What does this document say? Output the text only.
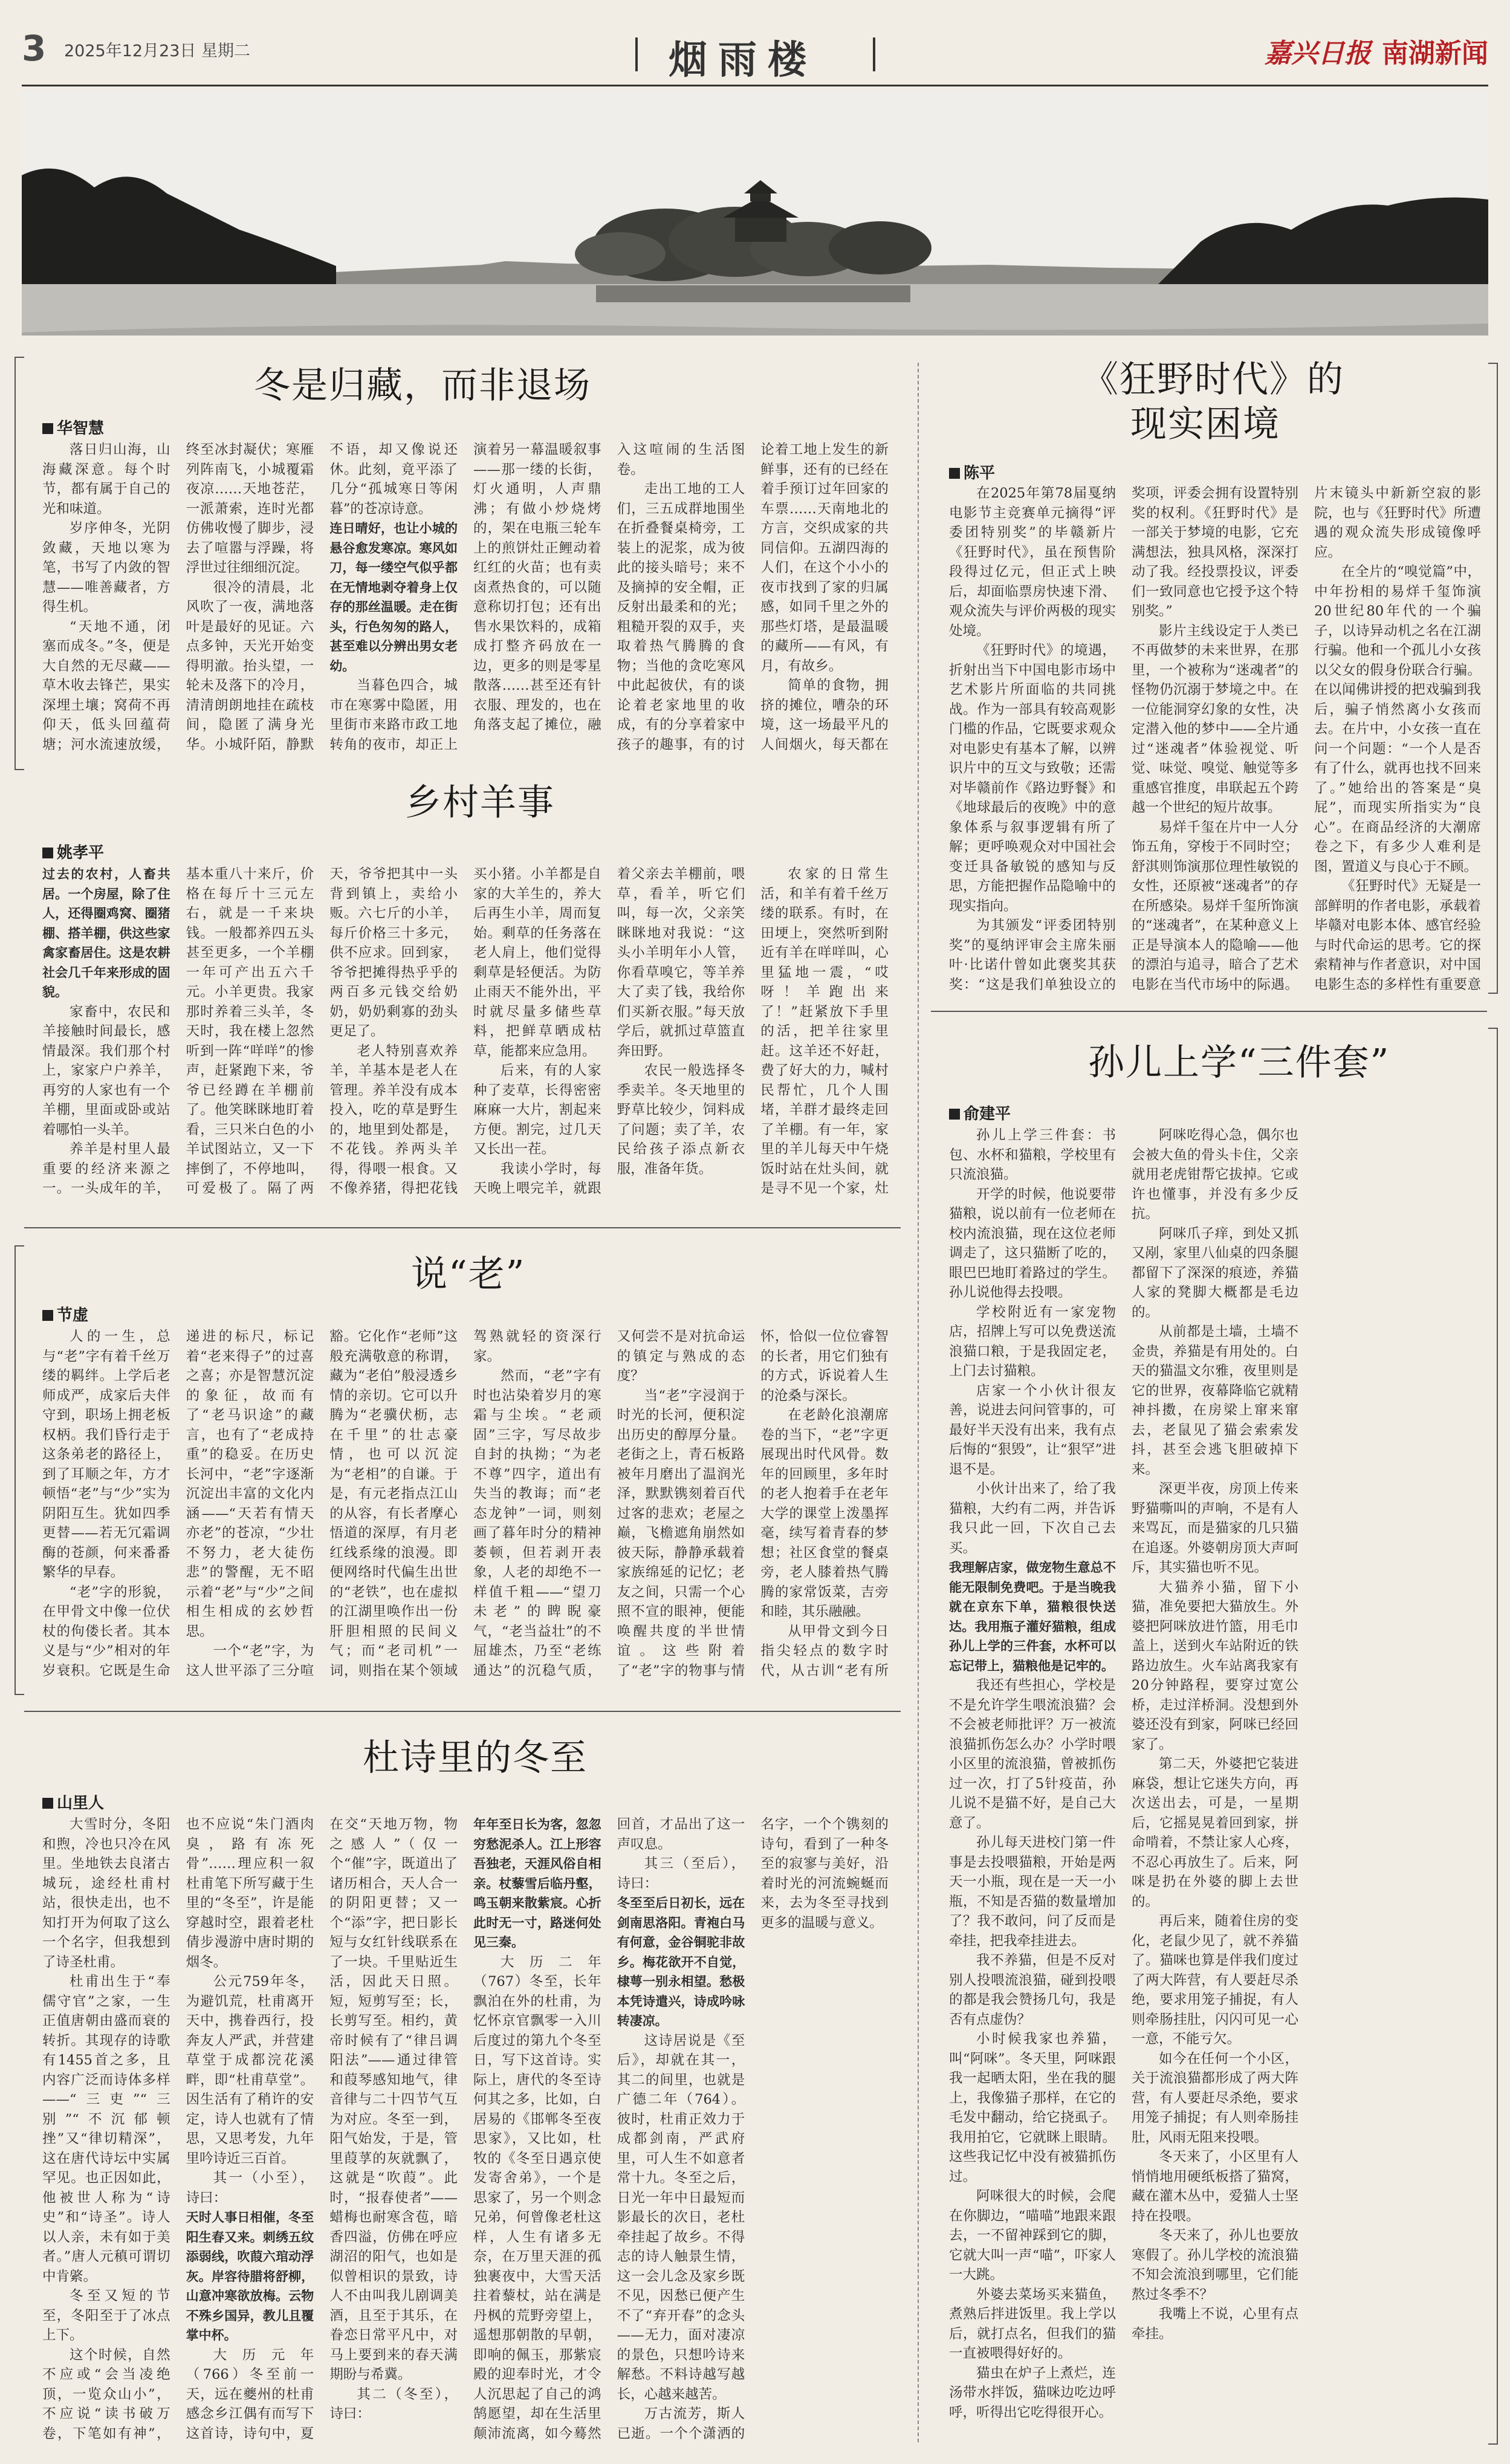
3 2025年12月23日 星期二	烟雨楼	嘉兴日报 南湖新闻
冬是归藏，而非退场
华智慧

落日归山海，山海藏深意。每个时节，都有属于自己的光和味道。

岁序伸冬，光阴敛藏，天地以寒为笔，书写了内敛的智慧——唯善藏者，方得生机。

“天地不通，闭塞而成冬。”冬，便是大自然的无尽藏——草木收去锋芒，果实深埋土壤；窝荷不再仰天，低头回蕴荷塘；河水流速放缓，终至冰封凝伏；寒雁列阵南飞，小城覆霜夜凉……天地苍茫，一派萧索，连时光都仿佛收慢了脚步，浸去了喧嚣与浮躁，将浮世过往细细沉淀。

很冷的清晨，北风吹了一夜，满地落叶是最好的见证。六点多钟，天光开始变得明澈。抬头望，一轮未及落下的冷月，清清朗朗地挂在疏枝间，隐匿了满身光华。小城阡陌，静默不语，却又像说还休。此刻，竟平添了几分“孤城寒日等闲暮”的苍凉诗意。

连日晴好，也让小城的悬谷愈发寒凉。寒风如刀，每一缕空气似乎都在无情地剥夺着身上仅存的那丝温暖。走在街头，行色匆匆的路人，甚至难以分辨出男女老幼。

当暮色四合，城市在寒雾中隐匿，用里街市来路市政工地转角的夜市，却正上演着另一幕温暖叙事——那一缕的长街，灯火通明，人声鼎沸；有做小炒烧烤的，架在电瓶三轮车上的煎饼灶正鲤动着红红的火苗；也有卖卤煮热食的，可以随意称切打包；还有出售水果饮料的，成箱成打整齐码放在一边，更多的则是零星散落……甚至还有针衣服、理发的，也在角落支起了摊位，融入这喧闹的生活图卷。

走出工地的工人们，三五成群地围坐在折叠餐桌椅旁，工装上的泥浆，成为彼此的接头暗号；来不及摘掉的安全帽，正反射出最柔和的光；粗糙开裂的双手，夹取着热气腾腾的食物；当他的贪吃寒风中此起彼伏，有的谈论着老家地里的收成，有的分享着家中孩子的趣事，有的讨论着工地上发生的新鲜事，还有的已经在着手预订过年回家的车票……天南地北的方言，交织成家的共同信仰。五湖四海的人们，在这个小小的夜市找到了家的归属感，如同千里之外的那些灯塔，是最温暖的藏所——有风，有月，有故乡。

简单的食物，拥挤的摊位，嘈杂的环境，这一场最平凡的人间烟火，每天都在

乡村羊事
姚孝平

过去的农村，人畜共居。一个房屋，除了住人，还得圈鸡窝、圈猪棚、搭羊棚，供这些家禽家畜居住。这是农耕社会几千年来形成的固貌。

家畜中，农民和羊接触时间最长，感情最深。我们那个村上，家家户户养羊，再穷的人家也有一个羊棚，里面或卧或站着哪怕一头羊。

养羊是村里人最重要的经济来源之一。一头成年的羊，基本重八十来斤，价格在每斤十三元左右，就是一千来块钱。一般都养四五头甚至更多，一个羊棚一年可产出五六千元。小羊更贵。我家那时养着三头羊，冬天时，我在楼上忽然听到一阵“咩咩”的惨声，赶紧跑下来，爷爷已经蹲在羊棚前了。他笑眯眯地盯着看，三只米白色的小羊试图站立，又一下摔倒了，不停地叫，可爱极了。隔了两天，爷爷把其中一头背到镇上，卖给小贩。六七斤的小羊，每斤价格三十多元，供不应求。回到家，爷爷把摊得热乎乎的两百多元钱交给奶奶，奶奶剩寡的劲头更足了。

老人特别喜欢养羊，羊基本是老人在管理。养羊没有成本投入，吃的草是野生的，地里到处都是，不花钱。养两头羊得，得喂一根食。又不像养猪，得把花钱买小猪。小羊都是自家的大羊生的，养大后再生小羊，周而复始。剩草的任务落在老人肩上，他们觉得剩草是轻便活。为防止雨天不能外出，平时就尽量多储些草料，把鲜草晒成枯草，能都来应急用。

后来，有的人家种了麦草，长得密密麻麻一大片，割起来方便。割完，过几天又长出一茬。

我读小学时，每天晚上喂完羊，就跟着父亲去羊棚前，喂草，看羊，听它们叫，每一次，父亲笑眯眯地对我说：“这头小羊明年小人管，你看草嗅它，等羊养大了卖了钱，我给你们买新衣服。”每天放学后，就抓过草篮直奔田野。

农民一般选择冬季卖羊。冬天地里的野草比较少，饲料成了问题；卖了羊，农民给孩子添点新衣服，准备年货。

农家的日常生活，和羊有着千丝万缕的联系。有时，在田埂上，突然听到附近有羊在咩咩叫，心里猛地一震，“哎呀！羊跑出来了！”赶紧放下手里的活，把羊往家里赶。这羊还不好赶，费了好大的力，喊村民帮忙，几个人围堵，羊群才最终走回了羊棚。有一年，家里的羊儿每天中午烧饭时站在灶头间，就是寻不见一个家，灶

说“老”
节虚

人的一生，总与“老”字有着千丝万缕的羁绊。上学后老师成严，成家后夫伴守到，职场上拥老板权柄。我们昏行走于这条弟老的路径上，到了耳顺之年，方才顿悟“老”与“少”实为阴阳互生。犹如四季更替——若无冗霜调酶的苍颜，何来番番繁华的早春。

“老”字的形貌，在甲骨文中像一位伏杖的佝偻长者。其本义是与“少”相对的年岁衰积。它既是生命递进的标尺，标记着“老来得子”的过喜之喜；亦是智慧沉淀的象征，故而有了“老马识途”的藏言，也有了“老成持重”的稳妥。在历史长河中，“老”字逐渐沉淀出丰富的文化内涵——“天若有情天亦老”的苍凉，“少壮不努力，老大徒伤悲”的警醒，无不昭示着“老”与“少”之间相生相成的玄妙哲思。

一个“老”字，为这人世平添了三分喧豁。它化作“老师”这般充满敬意的称谓，藏为“老伯”般浸透乡情的亲切。它可以升腾为“老骥伏枥，志在千里”的壮志豪情，也可以沉淀为“老相”的自谦。于是，有元老指点江山的从容，有长者摩心悟道的深厚，有月老红线系缘的浪漫。即便网络时代偏生出世的“老铁”，也在虚拟的江湖里唤作出一份肝胆相照的民间义气；而“老司机”一词，则指在某个领域驾熟就轻的资深行家。

然而，“老”字有时也沾染着岁月的寒霜与尘埃。“老顽固”三字，写尽故步自封的执拗；“为老不尊”四字，道出有失当的教诲；而“老态龙钟”一词，则刻画了暮年时分的精神萎顿，但若剥开表象，人老的却绝不一样值千粗——“望刀未老”的睥睨豪气，“老当益壮”的不屈雄杰，乃至“老练通达”的沉稳气质，又何尝不是对抗命运的镇定与熟成的态度？

当“老”字浸润于时光的长河，便积淀出历史的醇厚分量。老街之上，青石板路被年月磨出了温润光泽，默默镌刻着百代过客的悲欢；老屋之巅，飞檐遮角崩然如彼天际，静静承载着家族绵延的记忆；老友之间，只需一个心照不宣的眼神，便能唤醒共度的半世情谊。这些附着了“老”字的物事与情怀，恰似一位位睿智的长者，用它们独有的方式，诉说着人生的沧桑与深长。

在老龄化浪潮席卷的当下，“老”字更展现出时代风骨。数年的回顾里，多年时的老人抱着手在老年大学的课堂上泼墨挥毫，续写着青春的梦想；社区食堂的餐桌旁，老人膝着热气腾腾的家常饭菜，吉旁和睦，其乐融融。

从甲骨文到今日指尖轻点的数字时代，从古训“老有所

杜诗里的冬至
山里人

大雪时分，冬阳和煦，冷也只冷在风里。坐地铁去良渚古城玩，途经杜甫村站，很快走出，也不知打开为何取了这么一个名字，但我想到了诗圣杜甫。

杜甫出生于“奉儒守官”之家，一生正值唐朝由盛而衰的转折。其现存的诗歌有1455首之多，且内容广泛而诗体多样——“三吏”“三别”“不沉郁顿挫”又“律切精深”，这在唐代诗坛中实属罕见。也正因如此，他被世人称为“诗史”和“诗圣”。诗人以人亲，未有如于美者。”唐人元稹可谓切中肯綮。

冬至又短的节至，冬阳至于了冰点上下。

这个时候，自然不应或“会当凌绝顶，一览众山小”，不应说“读书破万卷，下笔如有神”，也不应说“朱门酒肉臭，路有冻死骨”……理应积一叙杜甫笔下所写藏于生里的“冬至”，许是能穿越时空，跟着老杜倩步漫游中唐时期的烟冬。

公元759年冬，为避饥荒，杜甫离开天中，携眷西行，投奔友人严武，并营建草堂于成都浣花溪畔，即“杜甫草堂”。因生活有了稍许的安定，诗人也就有了情思，又思考发，九年里吟诗近三百首。

其一（小至），诗曰：

天时人事日相催，冬至阳生春又来。刺绣五纹添弱线，吹葭六琯动浮灰。岸容待腊将舒柳，山意冲寒欲放梅。云物不殊乡国异，教儿且覆掌中杯。

大历元年（766）冬至前一天，远在夔州的杜甫感念乡江偶有而写下这首诗，诗句中，夏在交“天地万物，物之感人”（仅一个“催”字，既道出了诸历相合，天人合一的阴阳更替；又一个“添”字，把日影长短与女红针线联系在了一块。千里贴近生活，因此天日照。短，短剪写至；长，长剪写至。相约，黄帝时候有了“律吕调阳法”——通过律管和葭琴感知地气，律音律与二十四节气互为对应。冬至一到，阳气始发，于是，管里葭莩的灰就飘了，这就是“吹葭”。此时，“报春使者”——蜡梅也耐寒含苞，暗香四溢，仿佛在呼应湖沼的阳气，也如是似曾相识的景致，诗人不由叫我儿剧调美酒，且至于其乐，在眷恋日常平凡中，对马上要到来的春天满期盼与希冀。

其二（冬至），诗曰：

年年至日长为客，忽忽穷愁泥杀人。江上形容吾独老，天涯风俗自相亲。杖藜雪后临丹壑，鸣玉朝来散紫宸。心折此时无一寸，路迷何处见三秦。

大历二年（767）冬至，长年飘泊在外的杜甫，为忆怀京官飘零一入川后度过的第九个冬至日，写下这首诗。实际上，唐代的冬至诗何其之多，比如，白居易的《邯郸冬至夜思家》，又比如，杜牧的《冬至日遇京使发寄舍弟》，一个是思家了，另一个则念兄弟，何曾像老杜这样，人生有诸多无奈，在万里天涯的孤独裹夜中，大雪天活拄着藜杖，站在满是丹枫的荒野旁望上，遥想那朝散的早朝，即响的佩玉，那紫宸殿的迎奉时光，才令人沉思起了自己的鸿鹄愿望，却在生活里颠沛流离，如今蓦然回首，才品出了这一声叹息。

其三（至后），诗曰：

冬至至后日初长，远在剑南思洛阳。青袍白马有何意，金谷铜驼非故乡。梅花欲开不自觉，棣萼一别永相望。愁极本凭诗遣兴，诗成吟咏转凄凉。

这诗居说是《至后》，却就在其一，其二的间里，也就是广德二年（764）。彼时，杜甫正效力于成都剑南，严武府里，可人生不如意者常十九。冬至之后，日光一年中日最短而影最长的次日，老杜牵挂起了故乡。不得志的诗人触景生情，这一会儿念及家乡既不见，因愁已便产生不了“弃开春”的念头——无力，面对凄凉的景色，只想吟诗来解愁。不料诗越写越长，心越来越苦。

万古流芳，斯人已逝。一个个潇洒的名字，一个个镌刻的诗句，看到了一种冬至的寂寥与美好，沿着时光的河流蜿蜒而来，去为冬至寻找到更多的温暖与意义。

《狂野时代》的
现实困境
陈平

在2025年第78届戛纳电影节主竞赛单元摘得“评委团特别奖”的毕赣新片《狂野时代》，虽在预售阶段得过亿元，但正式上映后，却面临票房快速下滑、观众流失与评价两极的现实处境。

《狂野时代》的境遇，折射出当下中国电影市场中艺术影片所面临的共同挑战。作为一部具有较高观影门槛的作品，它既要求观众对电影史有基本了解，以辨识片中的互文与致敬；还需对毕赣前作《路边野餐》和《地球最后的夜晚》中的意象体系与叙事逻辑有所了解；更呼唤观众对中国社会变迁具备敏锐的感知与反思，方能把握作品隐喻中的现实指向。

为其颁发“评委团特别奖”的戛纳评审会主席朱丽叶·比诺什曾如此褒奖其获奖：“这是我们单独设立的奖项，评委会拥有设置特别奖的权利。《狂野时代》是一部关于梦境的电影，它充满想法，独具风格，深深打动了我。经投票投议，评委们一致同意也它授予这个特别奖。”

影片主线设定于人类已不再做梦的未来世界，在那里，一个被称为“迷魂者”的怪物仍沉溺于梦境之中。在一位能洞穿幻象的女性，决定潜入他的梦中——全片通过“迷魂者”体验视觉、听觉、味觉、嗅觉、触觉等多重感官推度，串联起五个跨越一个世纪的短片故事。

易烊千玺在片中一人分饰五角，穿梭于不同时空；舒淇则饰演那位理性敏锐的女性，还原被“迷魂者”的存在所感染。易烊千玺所饰演的“迷魂者”，在某种意义上正是导演本人的隐喻——他的漂泊与追寻，暗合了艺术电影在当代市场中的际遇。片末镜头中新新空寂的影院，也与《狂野时代》所遭遇的观众流失形成镜像呼应。

在全片的“嗅觉篇”中，中年扮相的易烊千玺饰演20世纪80年代的一个骗子，以诗异动机之名在江湖行骗。他和一个孤儿小女孩以父女的假身份联合行骗。在以闻佛讲授的把戏骗到我后，骗子悄然离小女孩而去。在片中，小女孩一直在问一个问题：“一个人是否有了什么，就再也找不回来了。”她给出的答案是“臭屁”，而现实所指实为“良心”。在商品经济的大潮席卷之下，有多少人难利是图，置道义与良心于不顾。

《狂野时代》无疑是一部鲜明的作者电影，承载着毕赣对电影本体、感官经验与时代命运的思考。它的探索精神与作者意识，对中国电影生态的多样性有重要意

孙儿上学“三件套”
俞建平

孙儿上学三件套：书包、水杯和猫粮，学校里有只流浪猫。

开学的时候，他说要带猫粮，说以前有一位老师在校内流浪猫，现在这位老师调走了，这只猫断了吃的，眼巴巴地盯着路过的学生。孙儿说他得去投喂。

学校附近有一家宠物店，招牌上写可以免费送流浪猫口粮，于是我固定老，上门去讨猫粮。

店家一个小伙计很友善，说进去问问管事的，可最好半天没有出来，我有点后悔的“狠毁”，让“狠罕”进退不是。

小伙计出来了，给了我猫粮，大约有二两，并告诉我只此一回，下次自己去买。

我理解店家，做宠物生意总不能无限制免费吧。于是当晚我就在京东下单，猫粮很快送达。我用瓶子灌好猫粮，组成孙儿上学的三件套，水杯可以忘记带上，猫粮他是记牢的。

我还有些担心，学校是不是允许学生喂流浪猫？会不会被老师批评？万一被流浪猫抓伤怎么办？小学时喂小区里的流浪猫，曾被抓伤过一次，打了5针疫苗，孙儿说不是猫不好，是自己大意了。

孙儿每天进校门第一件事是去投喂猫粮，开始是两天一小瓶，现在是一天一小瓶，不知是否猫的数量增加了？我不敢问，问了反而是牵挂，把我牵挂进去。

我不养猫，但是不反对别人投喂流浪猫，碰到投喂的都是我会赞扬几句，我是否有点虚伪？

小时候我家也养猫，叫“阿咪”。冬天里，阿咪跟我一起晒太阳，坐在我的腿上，我像猫子那样，在它的毛发中翻动，给它挠虱子。我用拍它，它就眯上眼睛。这些我记忆中没有被猫抓伤过。

阿咪很大的时候，会爬在你脚边，“喵喵”地跟来跟去，一不留神踩到它的脚，它就大叫一声“喵”，吓家人一大跳。

外婆去菜场买来猫鱼，煮熟后拌进饭里。我上学以后，就打点名，但我们的猫一直被喂得好好的。

猫虫在炉子上煮烂，连汤带水拌饭，猫咪边吃边呼呼，听得出它吃得很开心。

阿咪吃得心急，偶尔也会被大鱼的骨头卡住，父亲就用老虎钳帮它拔掉。它或许也懂事，并没有多少反抗。

阿咪爪子痒，到处又抓又剐，家里八仙桌的四条腿都留下了深深的痕迹，养猫人家的凳脚大概都是毛边的。

从前都是土墙，土墙不金贵，养猫是有用处的。白天的猫温文尔雅，夜里则是它的世界，夜幕降临它就精神抖擞，在房梁上窜来窜去，老鼠见了猫会索索发抖，甚至会逃飞胆破掉下来。

深更半夜，房顶上传来野猫嘶叫的声响，不是有人来骂瓦，而是猫家的几只猫在追逐。外婆朝房顶大声呵斥，其实猫也听不见。

大猫养小猫，留下小猫，准免要把大猫放生。外婆把阿咪放进竹篮，用毛巾盖上，送到火车站附近的铁路边放生。火车站离我家有20分钟路程，要穿过宽公桥，走过洋桥洞。没想到外婆还没有到家，阿咪已经回家了。

第二天，外婆把它装进麻袋，想让它迷失方向，再次送出去，可是，一星期后，它摇晃晃着回到家，拼命啃着，不禁让家人心疼，不忍心再放生了。后来，阿咪是扔在外婆的脚上去世的。

再后来，随着住房的变化，老鼠少见了，就不养猫了。猫咪也算是伴我们度过了两大阵营，有人要赶尽杀绝，要求用笼子捕捉，有人则牵肠挂肚，闪闪可见一心一意，不能亏欠。

如今在任何一个小区，关于流浪猫都形成了两大阵营，有人要赶尽杀绝，要求用笼子捕捉；有人则牵肠挂肚，风雨无阻来投喂。

冬天来了，小区里有人悄悄地用硬纸板搭了猫窝，藏在灌木丛中，爱猫人士坚持在投喂。

冬天来了，孙儿也要放寒假了。孙儿学校的流浪猫不知会流浪到哪里，它们能熬过冬季不？

我嘴上不说，心里有点牵挂。
